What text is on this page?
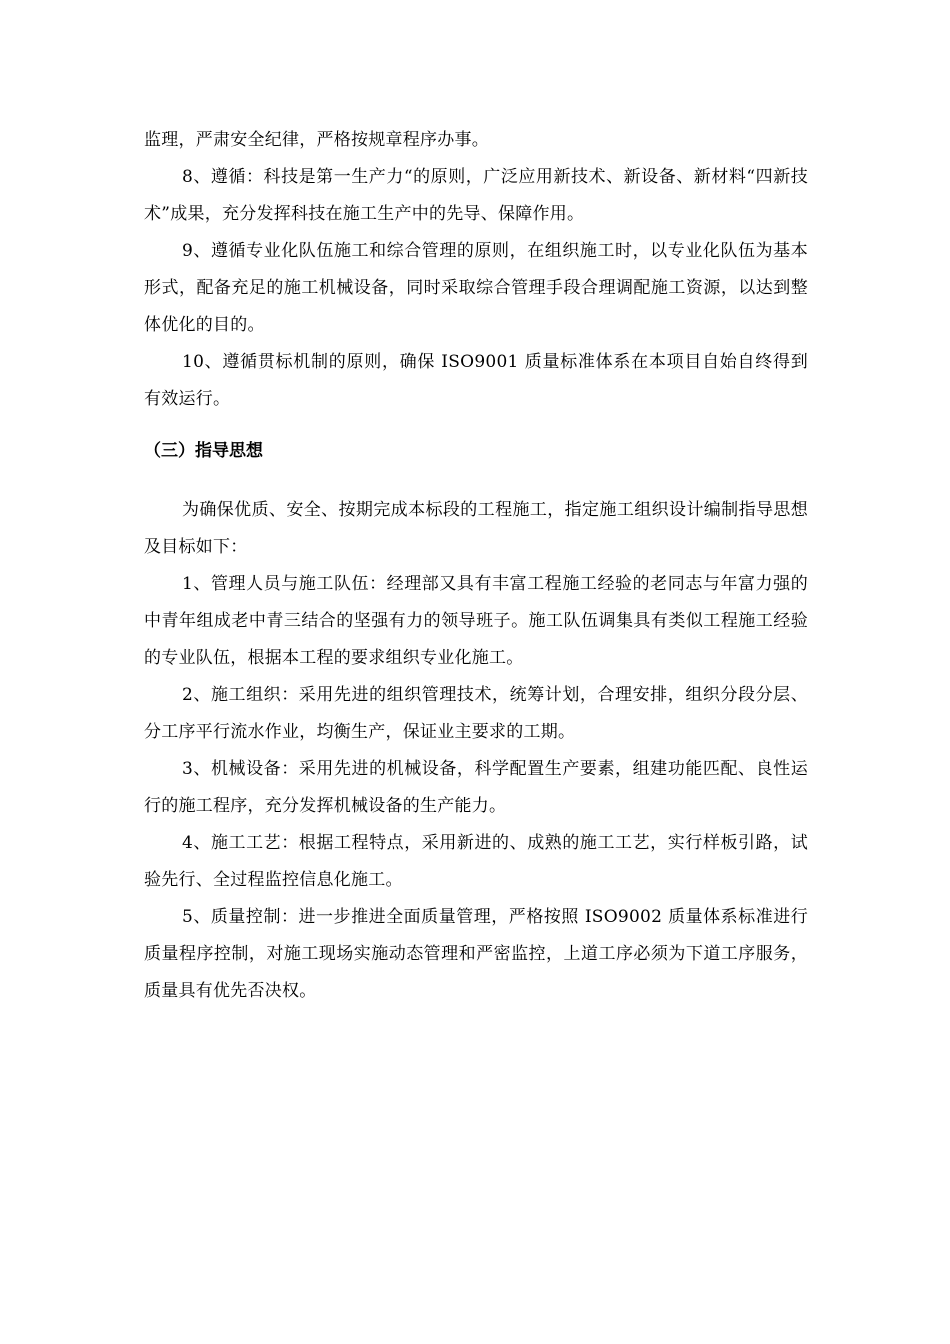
监理，严肃安全纪律，严格按规章程序办事。

8、遵循：科技是第一生产力“的原则，广泛应用新技术、新设备、新材料“四新技术”成果，充分发挥科技在施工生产中的先导、保障作用。

9、遵循专业化队伍施工和综合管理的原则，在组织施工时，以专业化队伍为基本形式，配备充足的施工机械设备，同时采取综合管理手段合理调配施工资源，以达到整体优化的目的。

10、遵循贯标机制的原则，确保 ISO9001 质量标准体系在本项目自始自终得到有效运行。

（三）指导思想

为确保优质、安全、按期完成本标段的工程施工，指定施工组织设计编制指导思想及目标如下：

1、管理人员与施工队伍：经理部又具有丰富工程施工经验的老同志与年富力强的中青年组成老中青三结合的坚强有力的领导班子。施工队伍调集具有类似工程施工经验的专业队伍，根据本工程的要求组织专业化施工。

2、施工组织：采用先进的组织管理技术，统筹计划，合理安排，组织分段分层、分工序平行流水作业，均衡生产，保证业主要求的工期。

3、机械设备：采用先进的机械设备，科学配置生产要素，组建功能匹配、良性运行的施工程序，充分发挥机械设备的生产能力。

4、施工工艺：根据工程特点，采用新进的、成熟的施工工艺，实行样板引路，试验先行、全过程监控信息化施工。

5、质量控制：进一步推进全面质量管理，严格按照 ISO9002 质量体系标准进行质量程序控制，对施工现场实施动态管理和严密监控，上道工序必须为下道工序服务，质量具有优先否决权。
